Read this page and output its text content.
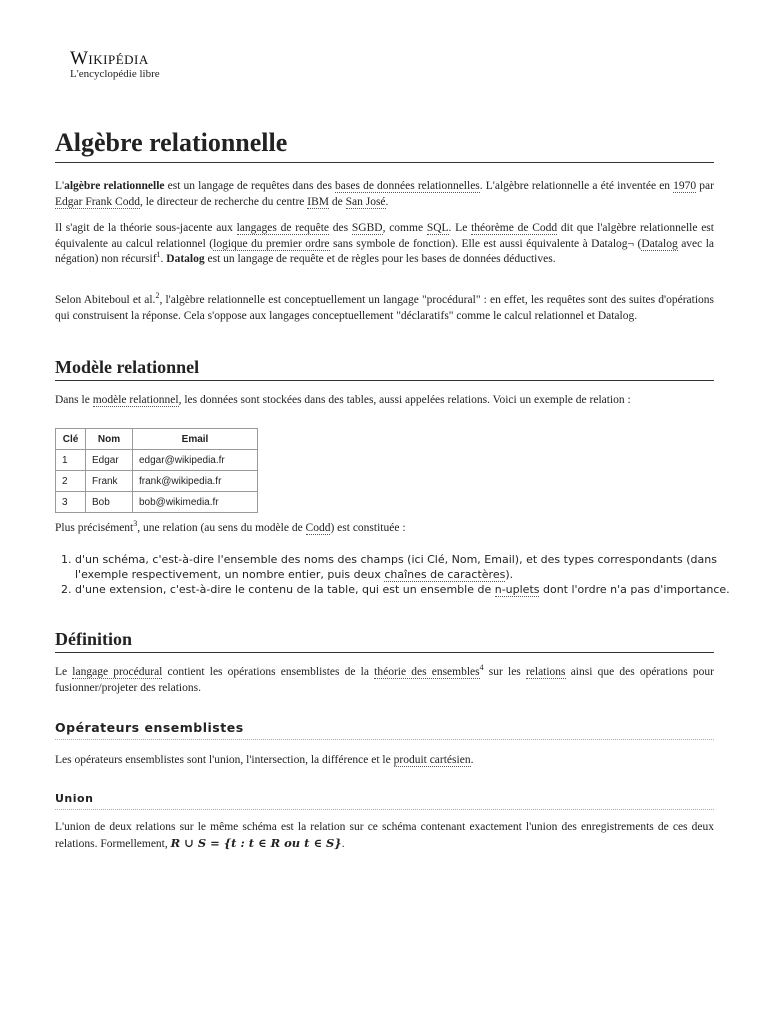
Wikipédia
L'encyclopédie libre
Algèbre relationnelle

L'algèbre relationnelle est un langage de requêtes dans des bases de données relationnelles. L'algèbre relationnelle a été inventée en 1970 par Edgar Frank Codd, le directeur de recherche du centre IBM de San José.

Il s'agit de la théorie sous-jacente aux langages de requête des SGBD, comme SQL. Le théorème de Codd dit que l'algèbre relationnelle est équivalente au calcul relationnel (logique du premier ordre sans symbole de fonction). Elle est aussi équivalente à Datalog¬ (Datalog avec la négation) non récursif$^1$. Datalog est un langage de requête et de règles pour les bases de données déductives.

Selon Abiteboul et al.$^2$, l'algèbre relationnelle est conceptuellement un langage "procédural" : en effet, les requêtes sont des suites d'opérations qui construisent la réponse. Cela s'oppose aux langages conceptuellement "déclaratifs" comme le calcul relationnel et Datalog.

Modèle relationnel

Dans le modèle relationnel, les données sont stockées dans des tables, aussi appelées relations. Voici un exemple de relation :

Clé	Nom	Email
1	Edgar	edgar@wikipedia.fr
2	Frank	frank@wikipedia.fr
3	Bob	bob@wikimedia.fr

Plus précisément$^3$, une relation (au sens du modèle de Codd) est constituée :

1. d'un schéma, c'est-à-dire l'ensemble des noms des champs (ici Clé, Nom, Email), et des types correspondants (dans l'exemple respectivement, un nombre entier, puis deux chaînes de caractères).
2. d'une extension, c'est-à-dire le contenu de la table, qui est un ensemble de n-uplets dont l'ordre n'a pas d'importance.
Définition

Le langage procédural contient les opérations ensemblistes de la théorie des ensembles$^4$ sur les relations ainsi que des opérations pour fusionner/projeter des relations.

Opérateurs ensemblistes

Les opérateurs ensemblistes sont l'union, l'intersection, la différence et le produit cartésien.

Union

L'union de deux relations sur le même schéma est la relation sur ce schéma contenant exactement l'union des enregistrements de ces deux relations. Formellement, R ∪ S = {t : t ∈ R ou t ∈ S}.
